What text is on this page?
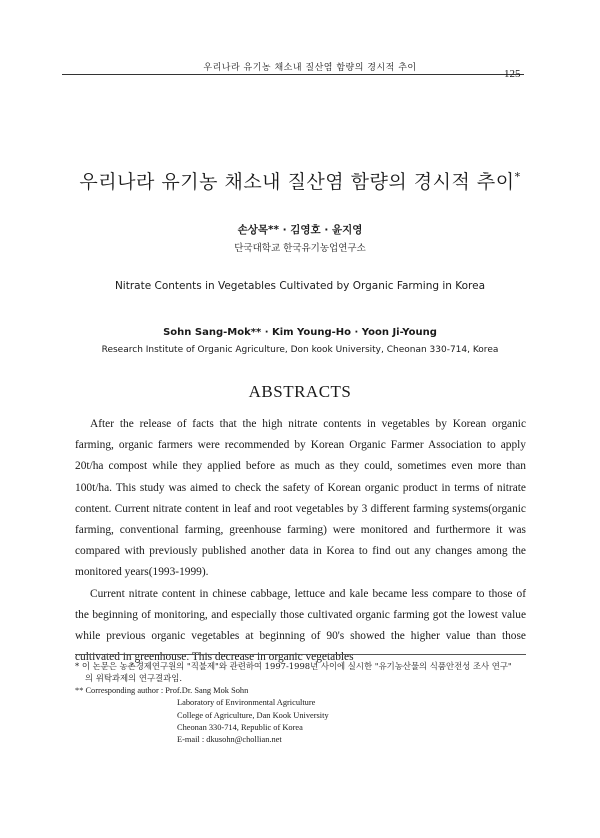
우리나라 유기농 채소내 질산염 함량의 경시적 추이	125
우리나라 유기농 채소내 질산염 함량의 경시적 추이*
손상목** · 김영호 · 윤지영
단국대학교 한국유기농업연구소
Nitrate Contents in Vegetables Cultivated by Organic Farming in Korea
Sohn Sang-Mok** · Kim Young-Ho · Yoon Ji-Young
Research Institute of Organic Agriculture, Don kook University, Cheonan 330-714, Korea
ABSTRACTS

After the release of facts that the high nitrate contents in vegetables by Korean organic farming, organic farmers were recommended by Korean Organic Farmer Association to apply 20t/ha compost while they applied before as much as they could, sometimes even more than 100t/ha. This study was aimed to check the safety of Korean organic product in terms of nitrate content. Current nitrate content in leaf and root vegetables by 3 different farming systems(organic farming, conventional farming, greenhouse farming) were monitored and furthermore it was compared with previously published another data in Korea to find out any changes among the monitored years(1993-1999).

Current nitrate content in chinese cabbage, lettuce and kale became less compare to those of the beginning of monitoring, and especially those cultivated organic farming got the lowest value while previous organic vegetables at beginning of 90's showed the higher value than those cultivated in greenhouse. This decrease in organic vegetables

* 이 논문은 농촌경제연구원의 "직불제"와 관련하여 1997-1998년 사이에 실시한 "유기농산물의 식품안전성 조사 연구"
의 위탁과제의 연구결과임.
** Corresponding author : Prof.Dr. Sang Mok Sohn
Laboratory of Environmental Agriculture
College of Agriculture, Dan Kook University
Cheonan 330-714, Republic of Korea
E-mail : dkusohn@chollian.net
